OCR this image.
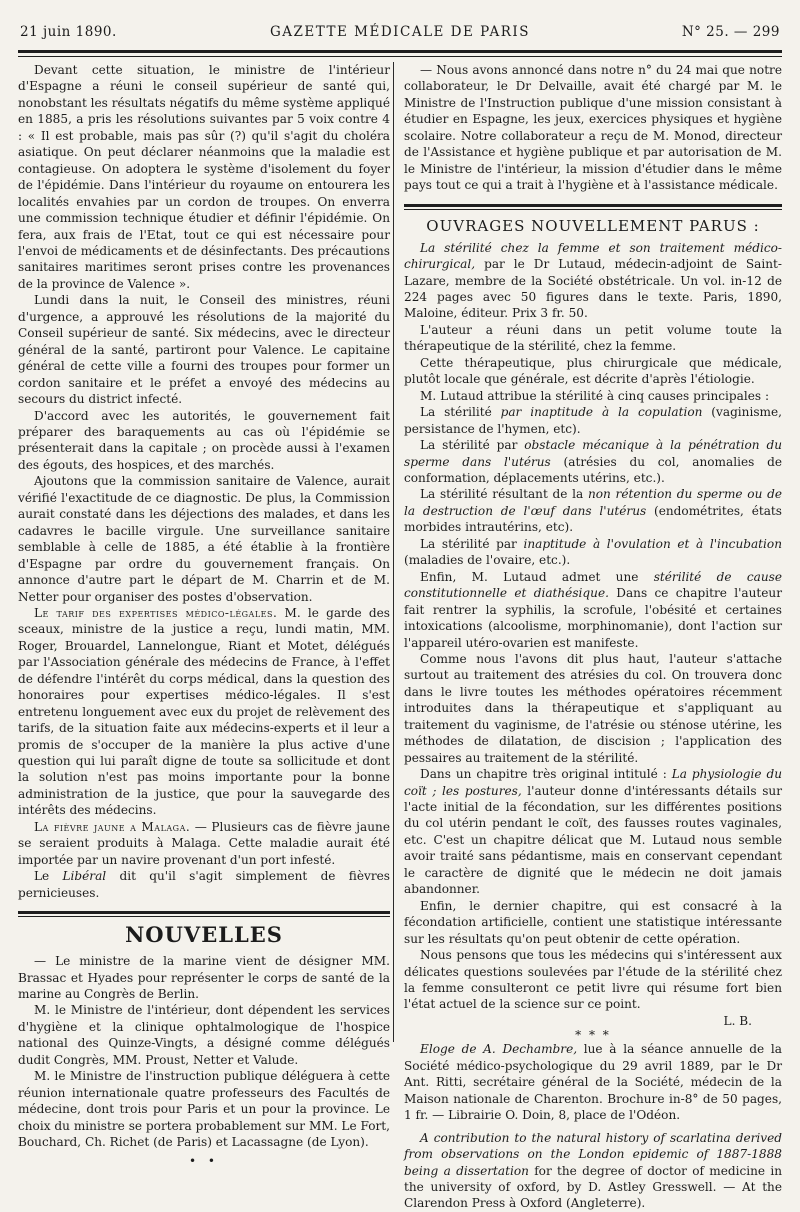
21 juin 1890.	GAZETTE MÉDICALE DE PARIS	N° 25. — 299

Devant cette situation, le ministre de l'intérieur d'Espagne a réuni le conseil supérieur de santé qui, nonobstant les résultats négatifs du même système appliqué en 1885, a pris les résolutions suivantes par 5 voix contre 4 : « Il est probable, mais pas sûr (?) qu'il s'agit du choléra asiatique. On peut déclarer néanmoins que la maladie est contagieuse. On adoptera le système d'isolement du foyer de l'épidémie. Dans l'intérieur du royaume on entourera les localités envahies par un cordon de troupes. On enverra une commission technique étudier et définir l'épidémie. On fera, aux frais de l'Etat, tout ce qui est nécessaire pour l'envoi de médicaments et de désinfectants. Des précautions sanitaires maritimes seront prises contre les provenances de la province de Valence ».

Lundi dans la nuit, le Conseil des ministres, réuni d'urgence, a approuvé les résolutions de la majorité du Conseil supérieur de santé. Six médecins, avec le directeur général de la santé, partiront pour Valence. Le capitaine général de cette ville a fourni des troupes pour former un cordon sanitaire et le préfet a envoyé des médecins au secours du district infecté.

D'accord avec les autorités, le gouvernement fait préparer des baraquements au cas où l'épidémie se présenterait dans la capitale ; on procède aussi à l'examen des égouts, des hospices, et des marchés.

Ajoutons que la commission sanitaire de Valence, aurait vérifié l'exactitude de ce diagnostic. De plus, la Commission aurait constaté dans les déjections des malades, et dans les cadavres le bacille virgule. Une surveillance sanitaire semblable à celle de 1885, a été établie à la frontière d'Espagne par ordre du gouvernement français. On annonce d'autre part le départ de M. Charrin et de M. Netter pour organiser des postes d'observation.

Le tarif des expertises médico-légales. M. le garde des sceaux, ministre de la justice a reçu, lundi matin, MM. Roger, Brouardel, Lannelongue, Riant et Motet, délégués par l'Association générale des médecins de France, à l'effet de défendre l'intérêt du corps médical, dans la question des honoraires pour expertises médico-légales. Il s'est entretenu longuement avec eux du projet de relèvement des tarifs, de la situation faite aux médecins-experts et il leur a promis de s'occuper de la manière la plus active d'une question qui lui paraît digne de toute sa sollicitude et dont la solution n'est pas moins importante pour la bonne administration de la justice, que pour la sauvegarde des intérêts des médecins.

La fièvre jaune a Malaga. — Plusieurs cas de fièvre jaune se seraient produits à Malaga. Cette maladie aurait été importée par un navire provenant d'un port infesté.

Le Libéral dit qu'il s'agit simplement de fièvres pernicieuses.

NOUVELLES

— Le ministre de la marine vient de désigner MM. Brassac et Hyades pour représenter le corps de santé de la marine au Congrès de Berlin.

M. le Ministre de l'intérieur, dont dépendent les services d'hygiène et la clinique ophtalmologique de l'hospice national des Quinze-Vingts, a désigné comme délégués dudit Congrès, MM. Proust, Netter et Valude.

M. le Ministre de l'instruction publique déléguera à cette réunion internationale quatre professeurs des Facultés de médecine, dont trois pour Paris et un pour la province. Le choix du ministre se portera probablement sur MM. Le Fort, Bouchard, Ch. Richet (de Paris) et Lacassagne (de Lyon).

• •

— Nous avons annoncé dans notre n° du 24 mai que notre collaborateur, le Dr Delvaille, avait été chargé par M. le Ministre de l'Instruction publique d'une mission consistant à étudier en Espagne, les jeux, exercices physiques et hygiène scolaire. Notre collaborateur a reçu de M. Monod, directeur de l'Assistance et hygiène publique et par autorisation de M. le Ministre de l'intérieur, la mission d'étudier dans le même pays tout ce qui a trait à l'hygiène et à l'assistance médicale.

OUVRAGES NOUVELLEMENT PARUS :

La stérilité chez la femme et son traitement médico-chirurgical, par le Dr Lutaud, médecin-adjoint de Saint-Lazare, membre de la Société obstétricale. Un vol. in-12 de 224 pages avec 50 figures dans le texte. Paris, 1890, Maloine, éditeur. Prix 3 fr. 50.

L'auteur a réuni dans un petit volume toute la thérapeutique de la stérilité, chez la femme.

Cette thérapeutique, plus chirurgicale que médicale, plutôt locale que générale, est décrite d'après l'étiologie.

M. Lutaud attribue la stérilité à cinq causes principales :

La stérilité par inaptitude à la copulation (vaginisme, persistance de l'hymen, etc).

La stérilité par obstacle mécanique à la pénétration du sperme dans l'utérus (atrésies du col, anomalies de conformation, déplacements utérins, etc.).

La stérilité résultant de la non rétention du sperme ou de la destruction de l'œuf dans l'utérus (endométrites, états morbides intrautérins, etc).

La stérilité par inaptitude à l'ovulation et à l'incubation (maladies de l'ovaire, etc.).

Enfin, M. Lutaud admet une stérilité de cause constitutionnelle et diathésique. Dans ce chapitre l'auteur fait rentrer la syphilis, la scrofule, l'obésité et certaines intoxications (alcoolisme, morphinomanie), dont l'action sur l'appareil utéro-ovarien est manifeste.

Comme nous l'avons dit plus haut, l'auteur s'attache surtout au traitement des atrésies du col. On trouvera donc dans le livre toutes les méthodes opératoires récemment introduites dans la thérapeutique et s'appliquant au traitement du vaginisme, de l'atrésie ou sténose utérine, les méthodes de dilatation, de discision ; l'application des pessaires au traitement de la stérilité.

Dans un chapitre très original intitulé : La physiologie du coït ; les postures, l'auteur donne d'intéressants détails sur l'acte initial de la fécondation, sur les différentes positions du col utérin pendant le coït, des fausses routes vaginales, etc. C'est un chapitre délicat que M. Lutaud nous semble avoir traité sans pédantisme, mais en conservant cependant le caractère de dignité que le médecin ne doit jamais abandonner.

Enfin, le dernier chapitre, qui est consacré à la fécondation artificielle, contient une statistique intéressante sur les résultats qu'on peut obtenir de cette opération.

Nous pensons que tous les médecins qui s'intéressent aux délicates questions soulevées par l'étude de la stérilité chez la femme consulteront ce petit livre qui résume fort bien l'état actuel de la science sur ce point.

L. B.

* * *

Eloge de A. Dechambre, lue à la séance annuelle de la Société médico-psychologique du 29 avril 1889, par le Dr Ant. Ritti, secrétaire général de la Société, médecin de la Maison nationale de Charenton. Brochure in-8° de 50 pages, 1 fr. — Librairie O. Doin, 8, place de l'Odéon.

A contribution to the natural history of scarlatina derived from observations on the London epidemic of 1887-1888 being a dissertation for the degree of doctor of medicine in the university of oxford, by D. Astley Gresswell. — At the Clarendon Press à Oxford (Angleterre).
